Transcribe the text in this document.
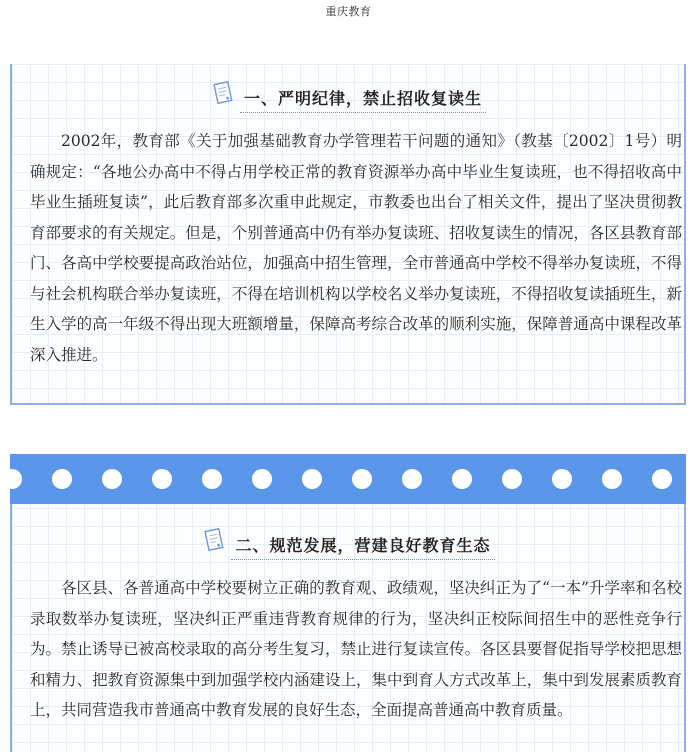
重庆教育
一、严明纪律，禁止招收复读生

2002年，教育部《关于加强基础教育办学管理若干问题的通知》（教基〔2002〕1号）明确规定：“各地公办高中不得占用学校正常的教育资源举办高中毕业生复读班，也不得招收高中毕业生插班复读”，此后教育部多次重申此规定，市教委也出台了相关文件，提出了坚决贯彻教育部要求的有关规定。但是，个别普通高中仍有举办复读班、招收复读生的情况，各区县教育部门、各高中学校要提高政治站位，加强高中招生管理，全市普通高中学校不得举办复读班，不得与社会机构联合举办复读班，不得在培训机构以学校名义举办复读班，不得招收复读插班生，新生入学的高一年级不得出现大班额增量，保障高考综合改革的顺利实施，保障普通高中课程改革深入推进。

二、规范发展，营建良好教育生态

各区县、各普通高中学校要树立正确的教育观、政绩观，坚决纠正为了“一本”升学率和名校录取数举办复读班，坚决纠正严重违背教育规律的行为，坚决纠正校际间招生中的恶性竞争行为。禁止诱导已被高校录取的高分考生复习，禁止进行复读宣传。各区县要督促指导学校把思想和精力、把教育资源集中到加强学校内涵建设上，集中到育人方式改革上，集中到发展素质教育上，共同营造我市普通高中教育发展的良好生态，全面提高普通高中教育质量。
